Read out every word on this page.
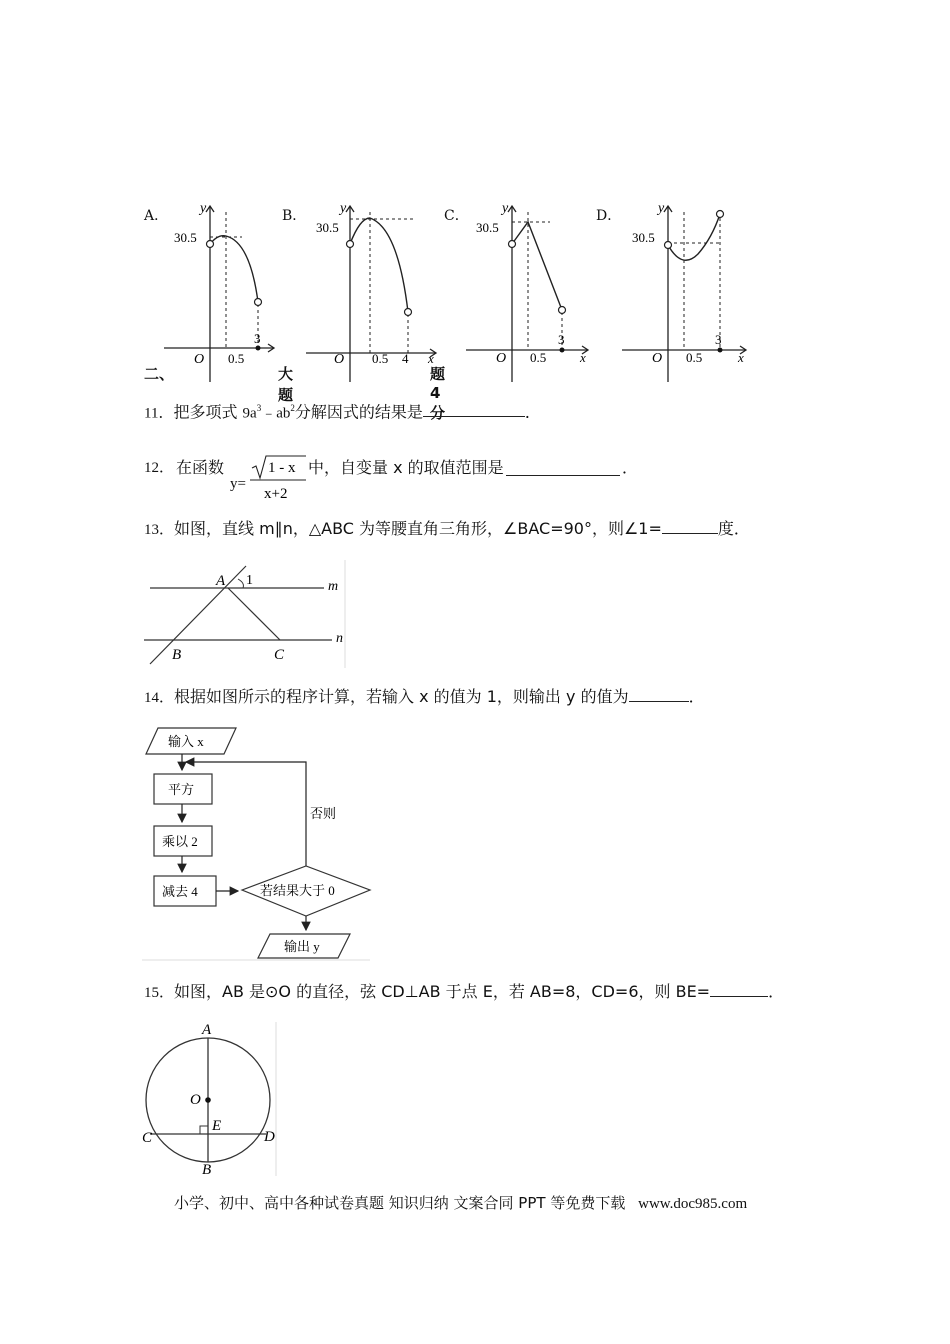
A． y
30.5
O 0.5
3
B． y
30.5
O 0.5 4 x
C． y
30.5
O 0.5
3
x
D．	y
30.5
O 0.5
3
x
二、	大题
题4分
11．把多项式 $9a^3﹣ab^2$分解因式的结果是	．
12． 在函数
y=
1 - x
x+2
中，自变量 x 的取值范围是	．
13．如图，直线 m∥n，△ABC 为等腰直角三角形，∠BAC=90°，则∠1=	度．
A 1	m
n
B	C
14．根据如图所示的程序计算，若输入 x 的值为 1，则输出 y 的值为	．
输入 x
平方
乘以 2
减去 4	若结果大于 0
否则
输出 y
15．如图，AB 是⊙O 的直径，弦 CD⊥AB 于点 E，若 AB=8，CD=6，则 BE=	．
A
O
E
C	D
B
小学、初中、高中各种试卷真题 知识归纳 文案合同 PPT 等免费下载 www.doc985.com
